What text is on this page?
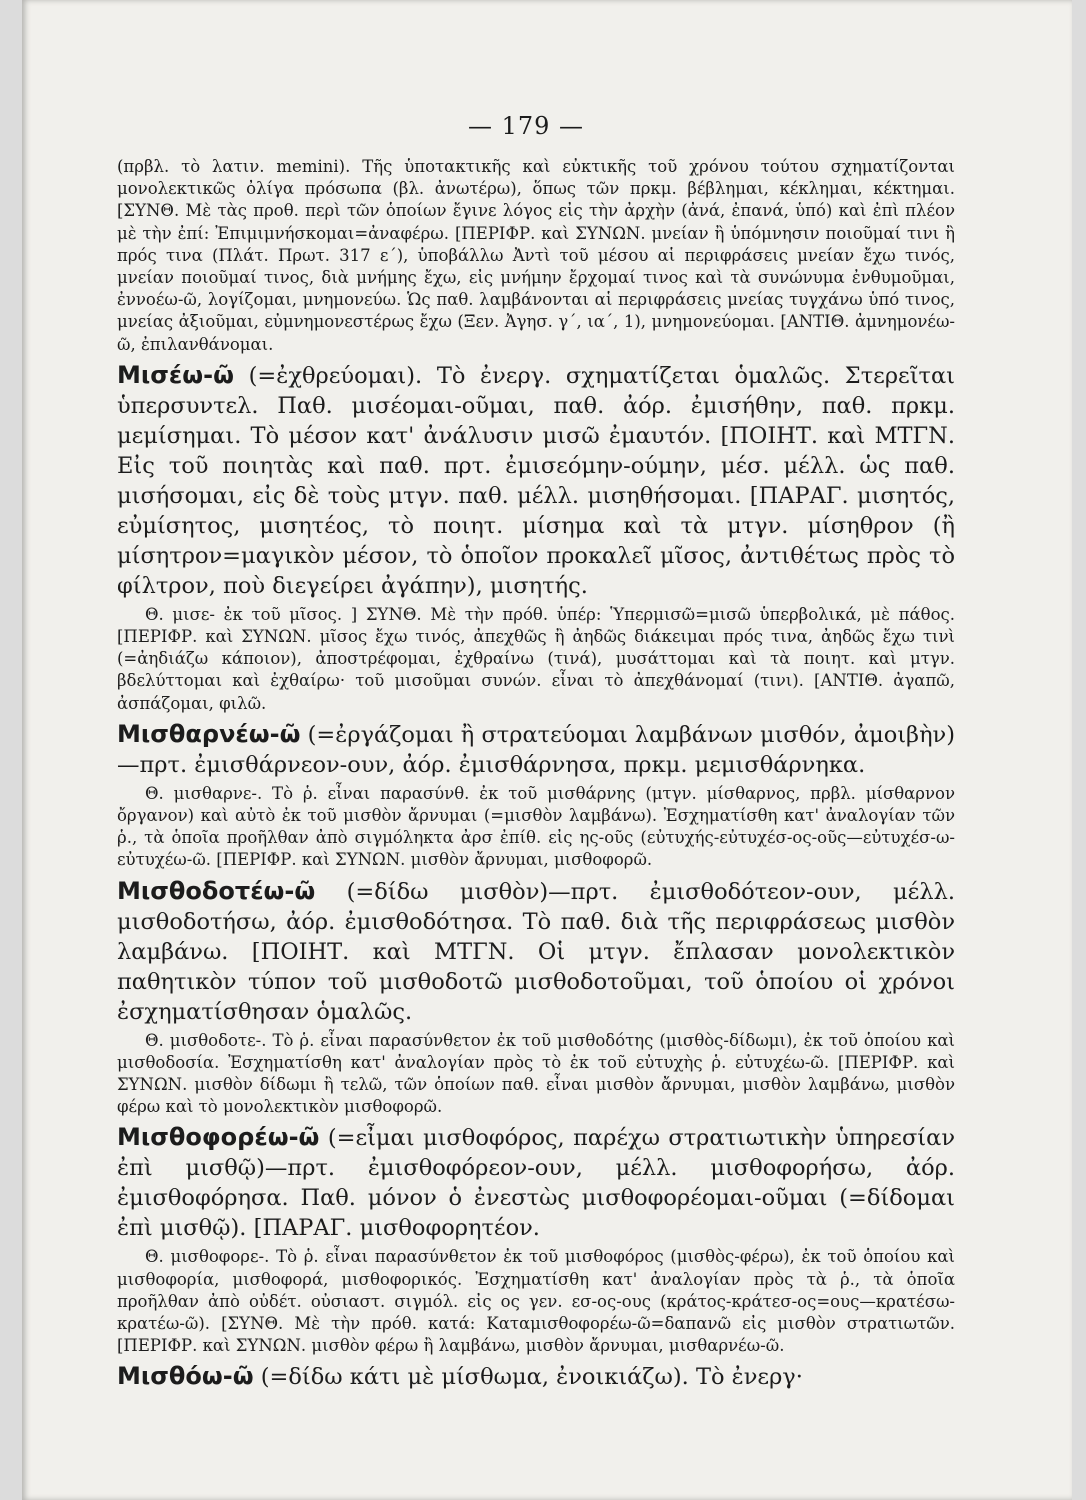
— 179 —

(πρβλ. τὸ λατιν. memini). Τῆς ὑποτακτικῆς καὶ εὐκτικῆς τοῦ χρόνου τούτου σχηματίζονται μονολεκτικῶς ὀλίγα πρόσωπα (βλ. ἀνωτέρω), ὅπως τῶν πρκμ. βέβλημαι, κέκλημαι, κέκτημαι. [ΣΥΝΘ. Μὲ τὰς προθ. περὶ τῶν ὁποίων ἔγινε λόγος εἰς τὴν ἀρχὴν (ἀνά, ἐπανά, ὑπό) καὶ ἐπὶ πλέον μὲ τὴν ἐπί: Ἐπιμιμνήσκομαι=ἀναφέρω. [ΠΕΡΙΦΡ. καὶ ΣΥΝΩΝ. μνείαν ἢ ὑπόμνησιν ποιοῦμαί τινι ἢ πρός τινα (Πλάτ. Πρωτ. 317 ε΄), ὑποβάλλω Ἀντὶ τοῦ μέσου αἱ περιφράσεις μνείαν ἔχω τινός, μνείαν ποιοῦμαί τινος, διὰ μνήμης ἔχω, εἰς μνήμην ἔρχομαί τινος καὶ τὰ συνώνυμα ἐνθυμοῦμαι, ἐννοέω-ῶ, λογίζομαι, μνημονεύω. Ὡς παθ. λαμβάνονται αἱ περιφράσεις μνείας τυγχάνω ὑπό τινος, μνείας ἀξιοῦμαι, εὐμνημονεστέρως ἔχω (Ξεν. Ἀγησ. γ΄, ια΄, 1), μνημονεύομαι. [ΑΝΤΙΘ. ἀμνημονέω-ῶ, ἐπιλανθάνομαι.

Μισέω-ῶ (=ἐχθρεύομαι). Τὸ ἐνεργ. σχηματίζεται ὁμαλῶς. Στερεῖται ὑπερσυντελ. Παθ. μισέομαι-οῦμαι, παθ. ἀόρ. ἐμισήθην, παθ. πρκμ. μεμίσημαι. Τὸ μέσον κατ' ἀνάλυσιν μισῶ ἐμαυτόν. [ΠΟΙΗΤ. καὶ ΜΤΓΝ. Εἰς τοῦ ποιητὰς καὶ παθ. πρτ. ἐμισεόμην-ούμην, μέσ. μέλλ. ὡς παθ. μισήσομαι, εἰς δὲ τοὺς μτγν. παθ. μέλλ. μισηθήσομαι. [ΠΑΡΑΓ. μισητός, εὐμίσητος, μισητέος, τὸ ποιητ. μίσημα καὶ τὰ μτγν. μίσηθρον (ἢ μίσητρον=μαγικὸν μέσον, τὸ ὁποῖον προκαλεῖ μῖσος, ἀντιθέτως πρὸς τὸ φίλτρον, ποὺ διεγείρει ἀγάπην), μισητής.

Θ. μισε- ἐκ τοῦ μῖσος. ] ΣΥΝΘ. Μὲ τὴν πρόθ. ὑπέρ: Ὑπερμισῶ=μισῶ ὑπερβολικά, μὲ πάθος. [ΠΕΡΙΦΡ. καὶ ΣΥΝΩΝ. μῖσος ἔχω τινός, ἀπεχθῶς ἢ ἀηδῶς διάκειμαι πρός τινα, ἀηδῶς ἔχω τινὶ (=ἀηδιάζω κάποιον), ἀποστρέφομαι, ἐχθραίνω (τινά), μυσάττομαι καὶ τὰ ποιητ. καὶ μτγν. βδελύττομαι καὶ ἐχθαίρω· τοῦ μισοῦμαι συνών. εἶναι τὸ ἀπεχθάνομαί (τινι). [ΑΝΤΙΘ. ἀγαπῶ, ἀσπάζομαι, φιλῶ.

Μισθαρνέω-ῶ (=ἐργάζομαι ἢ στρατεύομαι λαμβάνων μισθόν, ἀμοιβὴν)—πρτ. ἐμισθάρνεον-ουν, ἀόρ. ἐμισθάρνησα, πρκμ. μεμισθάρνηκα.

Θ. μισθαρνε-. Τὸ ῥ. εἶναι παρασύνθ. ἐκ τοῦ μισθάρνης (μτγν. μίσθαρνος, πρβλ. μίσθαρνον ὄργανον) καὶ αὐτὸ ἐκ τοῦ μισθὸν ἄρνυμαι (=μισθὸν λαμβάνω). Ἐσχηματίσθη κατ' ἀναλογίαν τῶν ῥ., τὰ ὁποῖα προῆλθαν ἀπὸ σιγμόληκτα ἀρσ ἐπίθ. εἰς ης-οῦς (εὐτυχής-εὐτυχέσ-ος-οῦς—εὐτυχέσ-ω-εὐτυχέω-ῶ. [ΠΕΡΙΦΡ. καὶ ΣΥΝΩΝ. μισθὸν ἄρνυμαι, μισθοφορῶ.

Μισθοδοτέω-ῶ (=δίδω μισθὸν)—πρτ. ἐμισθοδότεον-ουν, μέλλ. μισθοδοτήσω, ἀόρ. ἐμισθοδότησα. Τὸ παθ. διὰ τῆς περιφράσεως μισθὸν λαμβάνω. [ΠΟΙΗΤ. καὶ ΜΤΓΝ. Οἱ μτγν. ἔπλασαν μονολεκτικὸν παθητικὸν τύπον τοῦ μισθοδοτῶ μισθοδοτοῦμαι, τοῦ ὁποίου οἱ χρόνοι ἐσχηματίσθησαν ὁμαλῶς.

Θ. μισθοδοτε-. Τὸ ῥ. εἶναι παρασύνθετον ἐκ τοῦ μισθοδότης (μισθὸς-δίδωμι), ἐκ τοῦ ὁποίου καὶ μισθοδοσία. Ἐσχηματίσθη κατ' ἀναλογίαν πρὸς τὸ ἐκ τοῦ εὐτυχὴς ῥ. εὐτυχέω-ῶ. [ΠΕΡΙΦΡ. καὶ ΣΥΝΩΝ. μισθὸν δίδωμι ἢ τελῶ, τῶν ὁποίων παθ. εἶναι μισθὸν ἄρνυμαι, μισθὸν λαμβάνω, μισθὸν φέρω καὶ τὸ μονολεκτικὸν μισθοφορῶ.

Μισθοφορέω-ῶ (=εἶμαι μισθοφόρος, παρέχω στρατιωτικὴν ὑπηρεσίαν ἐπὶ μισθῷ)—πρτ. ἐμισθοφόρεον-ουν, μέλλ. μισθοφορήσω, ἀόρ. ἐμισθοφόρησα. Παθ. μόνον ὁ ἐνεστὼς μισθοφορέομαι-οῦμαι (=δίδομαι ἐπὶ μισθῷ). [ΠΑΡΑΓ. μισθοφορητέον.

Θ. μισθοφορε-. Τὸ ῥ. εἶναι παρασύνθετον ἐκ τοῦ μισθοφόρος (μισθὸς-φέρω), ἐκ τοῦ ὁποίου καὶ μισθοφορία, μισθοφορά, μισθοφορικός. Ἐσχηματίσθη κατ' ἀναλογίαν πρὸς τὰ ῥ., τὰ ὁποῖα προῆλθαν ἀπὸ οὐδέτ. οὐσιαστ. σιγμόλ. εἰς ος γεν. εσ-ος-ους (κράτος-κράτεσ-ος=ους—κρατέσω-κρατέω-ῶ). [ΣΥΝΘ. Μὲ τὴν πρόθ. κατά: Καταμισθοφορέω-ῶ=δαπανῶ εἰς μισθὸν στρατιωτῶν. [ΠΕΡΙΦΡ. καὶ ΣΥΝΩΝ. μισθὸν φέρω ἢ λαμβάνω, μισθὸν ἄρνυμαι, μισθαρνέω-ῶ.

Μισθόω-ῶ (=δίδω κάτι μὲ μίσθωμα, ἐνοικιάζω). Τὸ ἐνεργ·
